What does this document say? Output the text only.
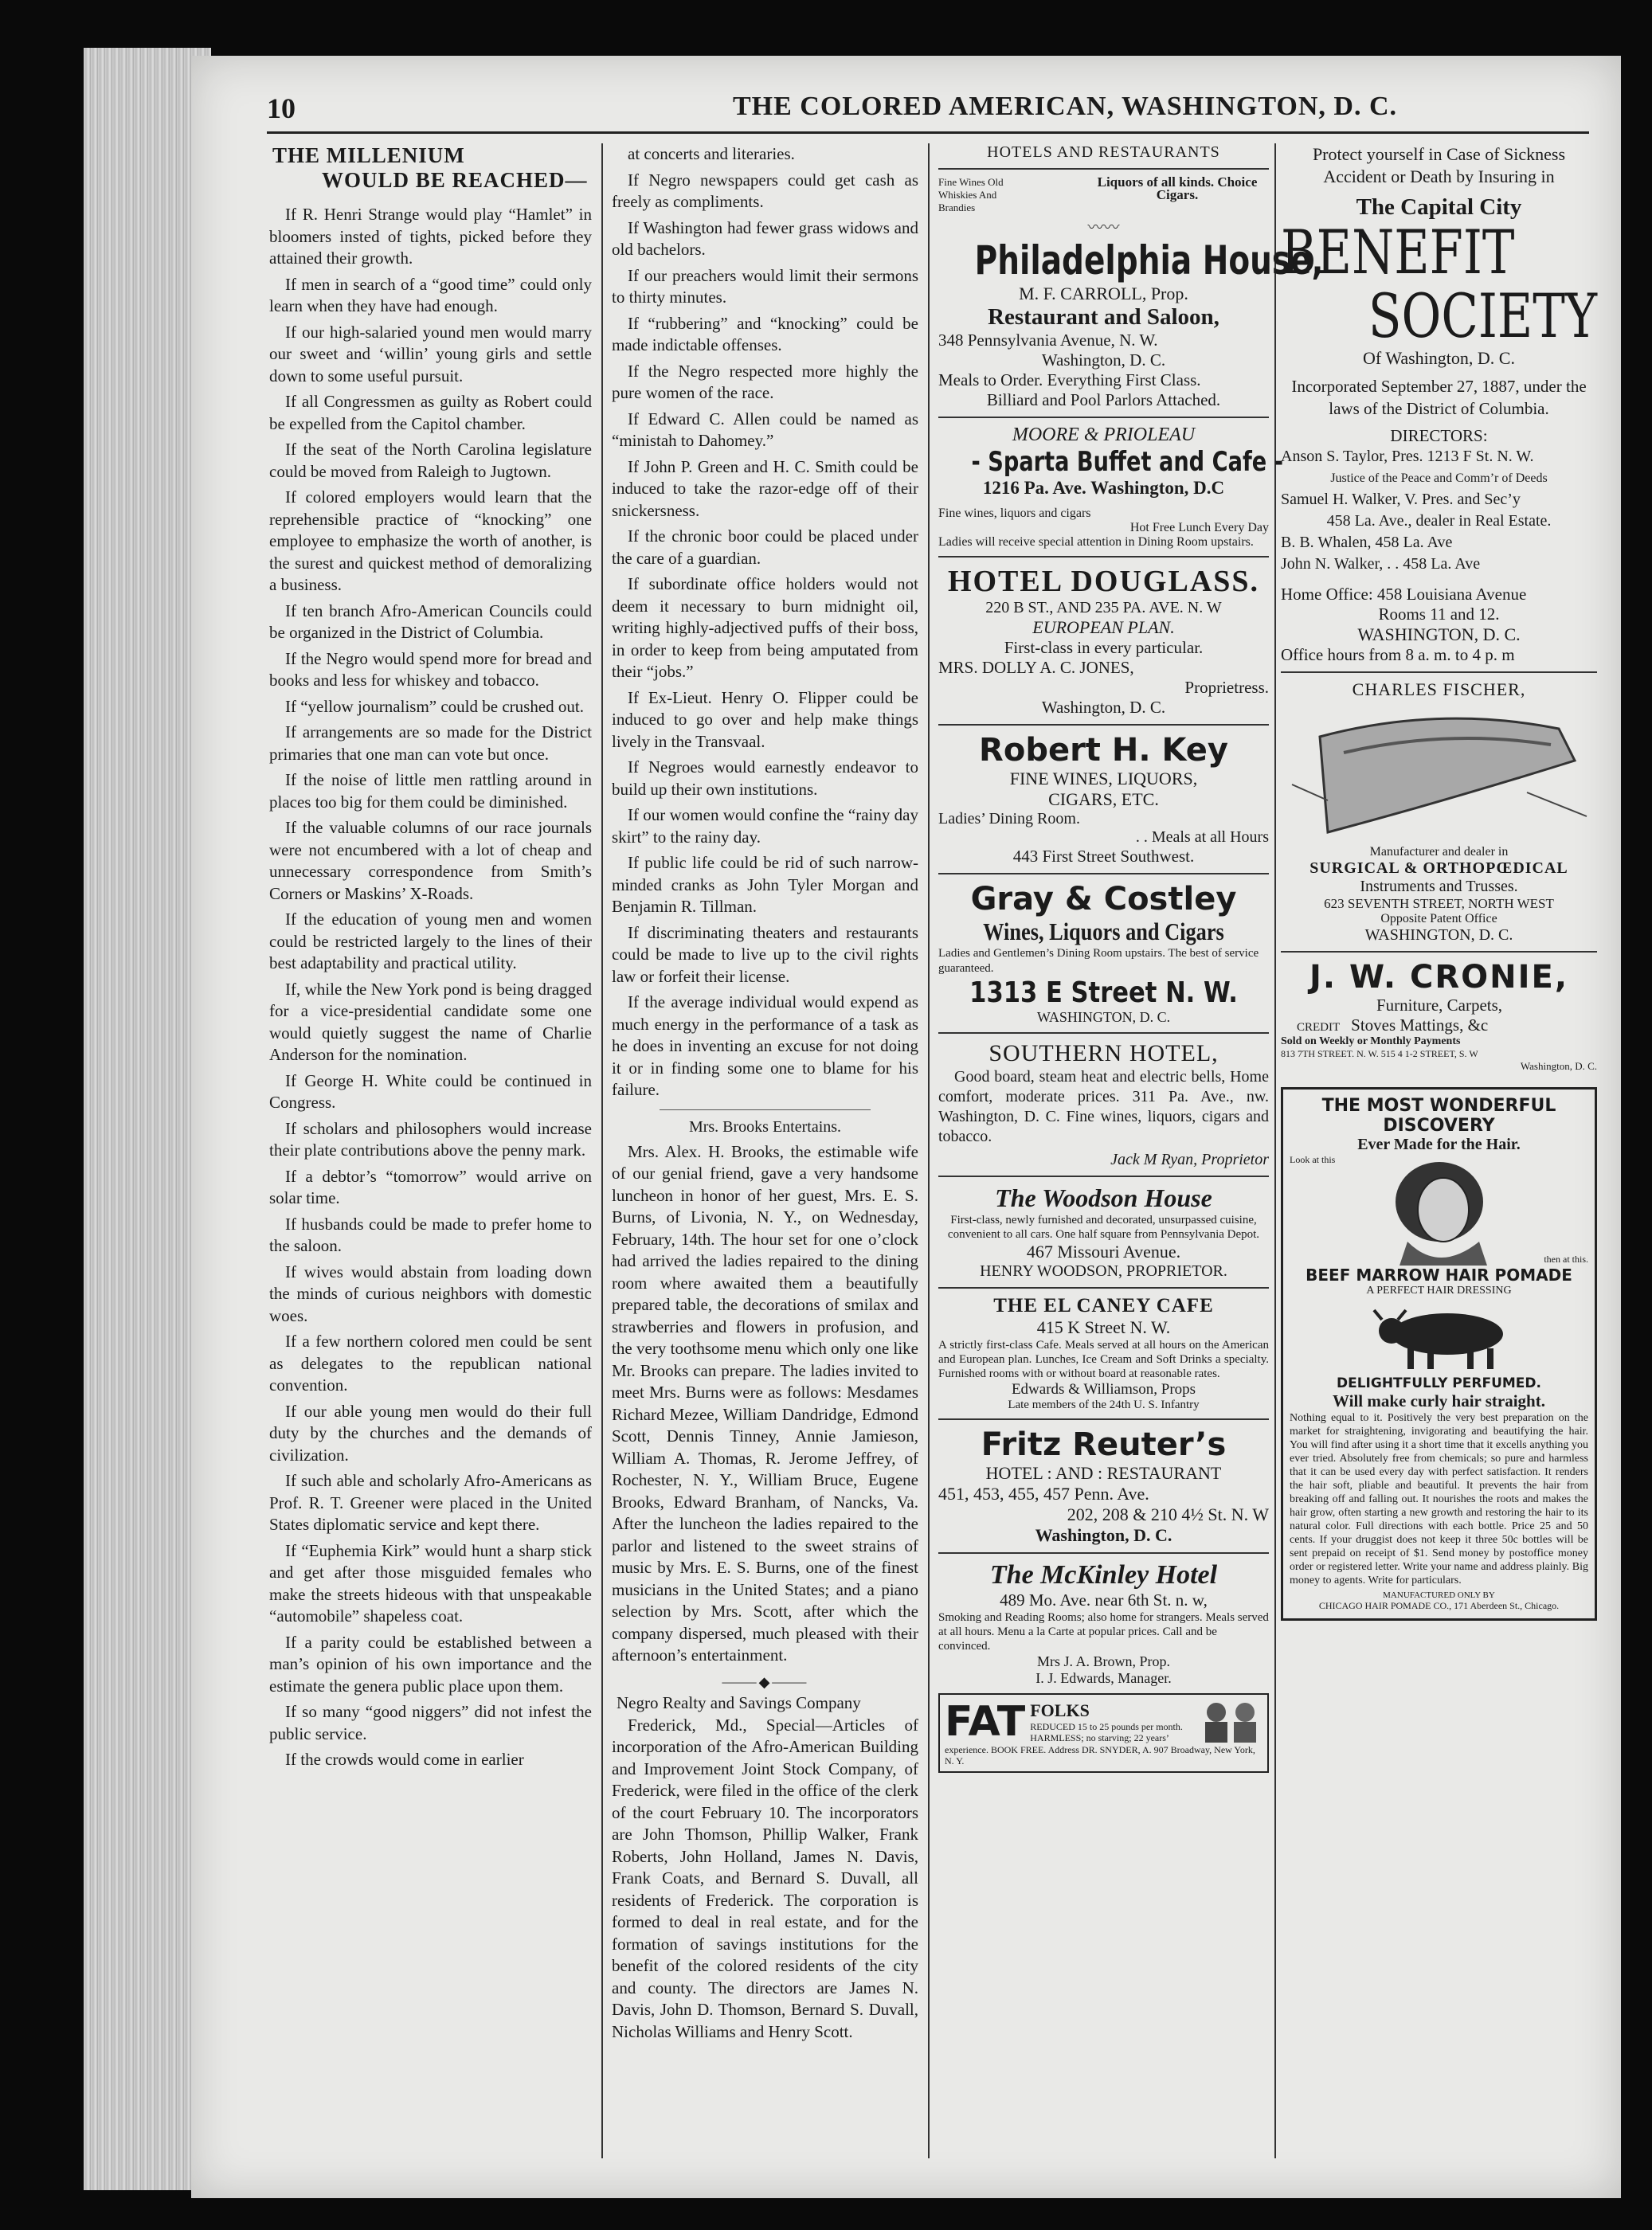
10	THE COLORED AMERICAN, WASHINGTON, D. C.
THE MILLENIUM
WOULD BE REACHED—

If R. Henri Strange would play “Hamlet” in bloomers insted of tights, picked before they attained their growth.

If men in search of a “good time” could only learn when they have had enough.

If our high-salaried yound men would marry our sweet and ‘willin’ young girls and settle down to some useful pursuit.

If all Congressmen as guilty as Robert could be expelled from the Capitol chamber.

If the seat of the North Carolina legislature could be moved from Raleigh to Jugtown.

If colored employers would learn that the reprehensible practice of “knocking” one employee to emphasize the worth of another, is the surest and quickest method of demoralizing a business.

If ten branch Afro-American Councils could be organized in the District of Columbia.

If the Negro would spend more for bread and books and less for whiskey and tobacco.

If “yellow journalism” could be crushed out.

If arrangements are so made for the District primaries that one man can vote but once.

If the noise of little men rattling around in places too big for them could be diminished.

If the valuable columns of our race journals were not encumbered with a lot of cheap and unnecessary correspondence from Smith’s Corners or Maskins’ X-Roads.

If the education of young men and women could be restricted largely to the lines of their best adaptability and practical utility.

If, while the New York pond is being dragged for a vice-presidential candidate some one would quietly suggest the name of Charlie Anderson for the nomination.

If George H. White could be continued in Congress.

If scholars and philosophers would increase their plate contributions above the penny mark.

If a debtor’s “tomorrow” would arrive on solar time.

If husbands could be made to prefer home to the saloon.

If wives would abstain from loading down the minds of curious neighbors with domestic woes.

If a few northern colored men could be sent as delegates to the republican national convention.

If our able young men would do their full duty by the churches and the demands of civilization.

If such able and scholarly Afro-Americans as Prof. R. T. Greener were placed in the United States diplomatic service and kept there.

If “Euphemia Kirk” would hunt a sharp stick and get after those misguided females who make the streets hideous with that unspeakable “automobile” shapeless coat.

If a parity could be established between a man’s opinion of his own importance and the estimate the genera public place upon them.

If so many “good niggers” did not infest the public service.

If the crowds would come in earlier

at concerts and literaries.

If Negro newspapers could get cash as freely as compliments.

If Washington had fewer grass widows and old bachelors.

If our preachers would limit their sermons to thirty minutes.

If “rubbering” and “knocking” could be made indictable offenses.

If the Negro respected more highly the pure women of the race.

If Edward C. Allen could be named as “ministah to Dahomey.”

If John P. Green and H. C. Smith could be induced to take the razor-edge off of their snickersness.

If the chronic boor could be placed under the care of a guardian.

If subordinate office holders would not deem it necessary to burn midnight oil, writing highly-adjectived puffs of their boss, in order to keep from being amputated from their “jobs.”

If Ex-Lieut. Henry O. Flipper could be induced to go over and help make things lively in the Transvaal.

If Negroes would earnestly endeavor to build up their own institutions.

If our women would confine the “rainy day skirt” to the rainy day.

If public life could be rid of such narrow-minded cranks as John Tyler Morgan and Benjamin R. Tillman.

If discriminating theaters and restaurants could be made to live up to the civil rights law or forfeit their license.

If the average individual would expend as much energy in the performance of a task as he does in inventing an excuse for not doing it or in finding some one to blame for his failure.

Mrs. Brooks Entertains.

Mrs. Alex. H. Brooks, the estimable wife of our genial friend, gave a very handsome luncheon in honor of her guest, Mrs. E. S. Burns, of Livonia, N. Y., on Wednesday, February, 14th. The hour set for one o’clock had arrived the ladies repaired to the dining room where awaited them a beautifully prepared table, the decorations of smilax and strawberries and flowers in profusion, and the very toothsome menu which only one like Mr. Brooks can prepare. The ladies invited to meet Mrs. Burns were as follows: Mesdames Richard Mezee, William Dandridge, Edmond Scott, Dennis Tinney, Annie Jamieson, William A. Thomas, R. Jerome Jeffrey, of Rochester, N. Y., William Bruce, Eugene Brooks, Edward Branham, of Nancks, Va. After the luncheon the ladies repaired to the parlor and listened to the sweet strains of music by Mrs. E. S. Burns, one of the finest musicians in the United States; and a piano selection by Mrs. Scott, after which the company dispersed, much pleased with their afternoon’s entertainment.

⸻◆⸻
Negro Realty and Savings Company

Frederick, Md., Special—Articles of incorporation of the Afro-American Building and Improvement Joint Stock Company, of Frederick, were filed in the office of the clerk of the court February 10. The incorporators are John Thomson, Phillip Walker, Frank Roberts, John Holland, James N. Davis, Frank Coats, and Bernard S. Duvall, all residents of Frederick. The corporation is formed to deal in real estate, and for the formation of savings institutions for the benefit of the colored residents of the city and county. The directors are James N. Davis, John D. Thomson, Bernard S. Duvall, Nicholas Williams and Henry Scott.

HOTELS AND RESTAURANTS
Fine Wines Old Whiskies And Brandies
Liquors of all kinds. Choice Cigars.
〰〰
Philadelphia House,
M. F. CARROLL, Prop.
Restaurant and Saloon,
348 Pennsylvania Avenue, N. W.
Washington, D. C.
Meals to Order. Everything First Class.
Billiard and Pool Parlors Attached.
MOORE & PRIOLEAU
- Sparta Buffet and Cafe -
1216 Pa. Ave. Washington, D.C
Fine wines, liquors and cigars
Hot Free Lunch Every Day
Ladies will receive special attention in Dining Room upstairs.
HOTEL DOUGLASS.
220 B ST., AND 235 PA. AVE. N. W
EUROPEAN PLAN.
First-class in every particular.
MRS. DOLLY A. C. JONES,
Proprietress.
Washington, D. C.
Robert H. Key
FINE WINES, LIQUORS,
CIGARS, ETC.
Ladies’ Dining Room.
. . Meals at all Hours
443 First Street Southwest.
Gray & Costley
Wines, Liquors and Cigars
Ladies and Gentlemen’s Dining Room upstairs. The best of service guaranteed.
1313 E Street N. W.
WASHINGTON, D. C.
SOUTHERN HOTEL,

Good board, steam heat and electric bells, Home comfort, moderate prices. 311 Pa. Ave., nw. Washington, D. C. Fine wines, liquors, cigars and tobacco.

Jack M Ryan, Proprietor
The Woodson House
First-class, newly furnished and decorated, unsurpassed cuisine, convenient to all cars. One half square from Pennsylvania Depot.
467 Missouri Avenue.
HENRY WOODSON, PROPRIETOR.
THE EL CANEY CAFE
415 K Street N. W.
A strictly first-class Cafe. Meals served at all hours on the American and European plan. Lunches, Ice Cream and Soft Drinks a specialty. Furnished rooms with or without board at reasonable rates.
Edwards & Williamson, Props
Late members of the 24th U. S. Infantry
Fritz Reuter’s
HOTEL : AND : RESTAURANT
451, 453, 455, 457 Penn. Ave.
202, 208 & 210 4½ St. N. W
Washington, D. C.
The McKinley Hotel
489 Mo. Ave. near 6th St. n. w,
Smoking and Reading Rooms; also home for strangers. Meals served at all hours. Menu a la Carte at popular prices. Call and be convinced.
Mrs J. A. Brown, Prop.
I. J. Edwards, Manager.
FAT FOLKS
REDUCED 15 to 25 pounds per month. HARMLESS; no starving; 22 years’
experience. BOOK FREE. Address DR. SNYDER, A. 907 Broadway, New York, N. Y.
Protect yourself in Case of Sickness Accident or Death by Insuring in
The Capital City
BENEFIT
SOCIETY
Of Washington, D. C.
Incorporated September 27, 1887, under the laws of the District of Columbia.
DIRECTORS:
Anson S. Taylor, Pres. 1213 F St. N. W.
Justice of the Peace and Comm’r of Deeds
Samuel H. Walker, V. Pres. and Sec’y
458 La. Ave., dealer in Real Estate.
B. B. Whalen, 458 La. Ave
John N. Walker, . . 458 La. Ave
Home Office: 458 Louisiana Avenue
Rooms 11 and 12.
WASHINGTON, D. C.
Office hours from 8 a. m. to 4 p. m
CHARLES FISCHER,
Manufacturer and dealer in
SURGICAL & ORTHOPŒDICAL
Instruments and Trusses.
623 SEVENTH STREET, NORTH WEST
Opposite Patent Office
WASHINGTON, D. C.
J. W. CRONIE,
Furniture, Carpets,
CREDIT Stoves Mattings, &c
Sold on Weekly or Monthly Payments
813 7TH STREET. N. W. 515 4 1-2 STREET, S. W
Washington, D. C.
THE MOST WONDERFUL DISCOVERY
Ever Made for the Hair.
Look at this
then at this.
BEEF MARROW HAIR POMADE
A PERFECT HAIR DRESSING
DELIGHTFULLY PERFUMED.
Will make curly hair straight.
Nothing equal to it. Positively the very best preparation on the market for straightening, invigorating and beautifying the hair. You will find after using it a short time that it excells anything you ever tried. Absolutely free from chemicals; so pure and harmless that it can be used every day with perfect satisfaction. It renders the hair soft, pliable and beautiful. It prevents the hair from breaking off and falling out. It nourishes the roots and makes the hair grow, often starting a new growth and restoring the hair to its natural color. Full directions with each bottle. Price 25 and 50 cents. If your druggist does not keep it three 50c bottles will be sent prepaid on receipt of $1. Send money by postoffice money order or registered letter. Write your name and address plainly. Big money to agents. Write for particulars.
MANUFACTURED ONLY BY
CHICAGO HAIR POMADE CO., 171 Aberdeen St., Chicago.
